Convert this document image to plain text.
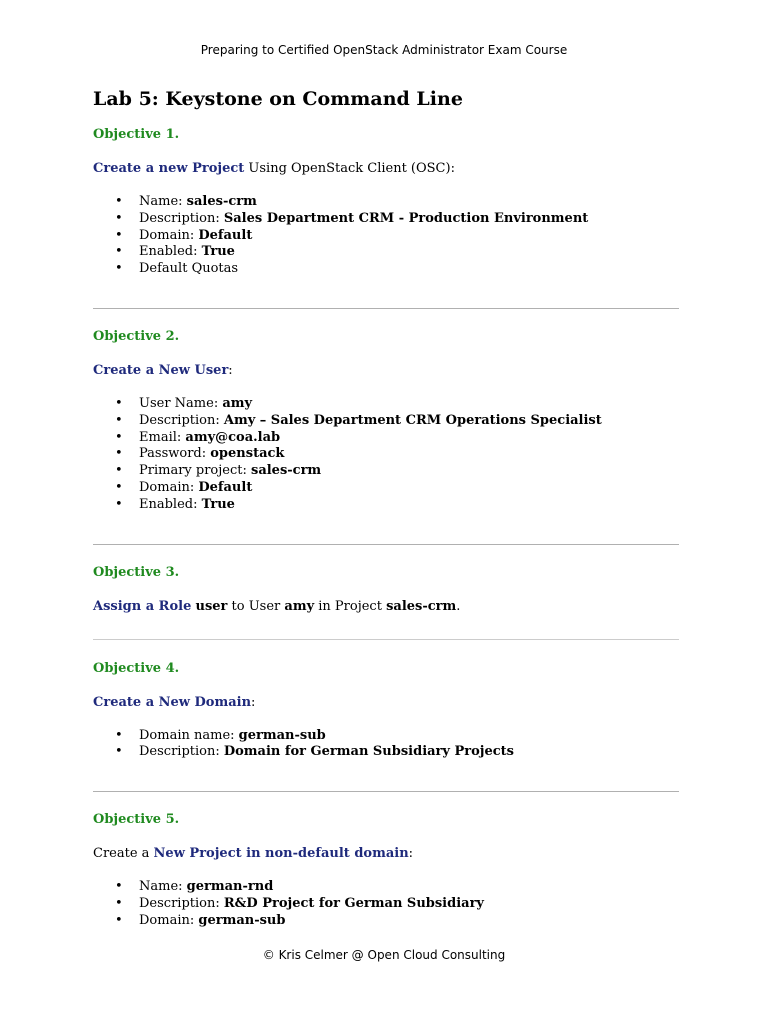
Preparing to Certified OpenStack Administrator Exam Course
Lab 5: Keystone on Command Line
Objective 1.
Create a new Project Using OpenStack Client (OSC):
• Name: sales-crm
• Description: Sales Department CRM - Production Environment
• Domain: Default
• Enabled: True
• Default Quotas
Objective 2.
Create a New User:
• User Name: amy
• Description: Amy – Sales Department CRM Operations Specialist
• Email: amy@coa.lab
• Password: openstack
• Primary project: sales-crm
• Domain: Default
• Enabled: True
Objective 3.
Assign a Role user to User amy in Project sales-crm.
Objective 4.
Create a New Domain:
• Domain name: german-sub
• Description: Domain for German Subsidiary Projects
Objective 5.
Create a New Project in non-default domain:
• Name: german-rnd
• Description: R&D Project for German Subsidiary
• Domain: german-sub
© Kris Celmer @ Open Cloud Consulting
